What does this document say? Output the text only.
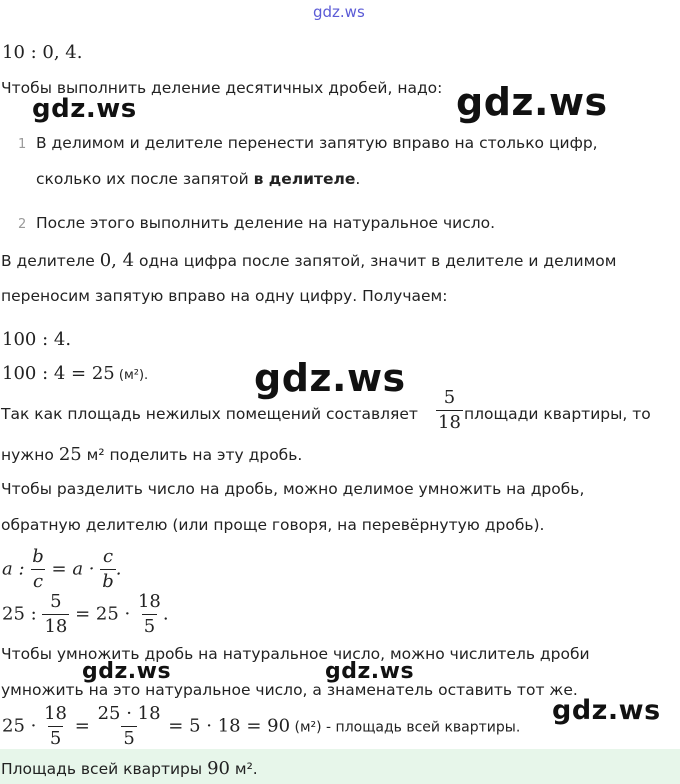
gdz.ws
10 : 0, 4.
Чтобы выполнить деление десятичных дробей, надо:
1 В делимом и делителе перенести запятую вправо на столько цифр,
сколько их после запятой в делителе.
2 После этого выполнить деление на натуральное число.
В делителе 0, 4 одна цифра после запятой, значит в делителе и делимом
переносим запятую вправо на одну цифру. Получаем:
100 : 4.
100 : 4 = 25 (м²).
Так как площадь нежилых помещений составляет $\frac{5}{18}$ площади квартиры, то
нужно 25 м² поделить на эту дробь.
Чтобы разделить число на дробь, можно делимое умножить на дробь,
обратную делителю (или проще говоря, на перевёрнутую дробь).
a : $\frac{b}{c} = a \cdot \frac{c}{b}$ .
25 : $\frac{5}{18} = 25 \cdot \frac{18}{5}$ .
Чтобы умножить дробь на натуральное число, можно числитель дроби
умножить на это натуральное число, а знаменатель оставить тот же.
$25 \cdot \frac{18}{5} = \frac{25 \cdot 18}{5} = 5 \cdot 18 = 90$ (м²) - площадь всей квартиры.
Площадь всей квартиры 90 м².
gdz.ws	gdz.ws
gdz.ws
gdz.ws	gdz.ws
gdz.ws
